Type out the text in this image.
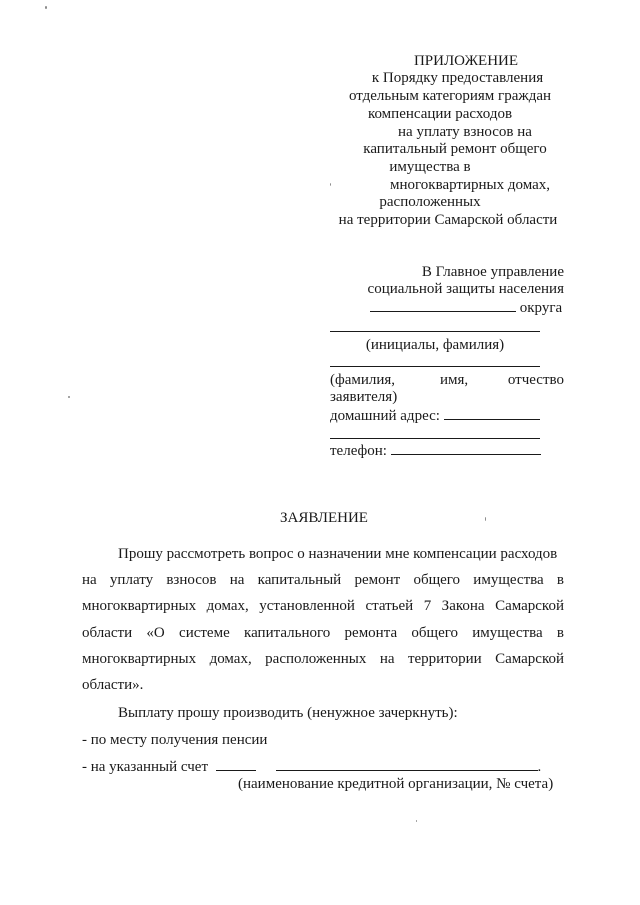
ПРИЛОЖЕНИЕ
к Порядку предоставления
отдельным категориям граждан
компенсации расходов
на уплату взносов на
капитальный ремонт общего
имущества в
многоквартирных домах,
расположенных
на территории Самарской области
В Главное управление
социальной защиты населения
округа
(инициалы, фамилия)
(фамилия,	имя,	отчество
заявителя)
домашний адрес:
телефон:
ЗАЯВЛЕНИЕ
Прошу рассмотреть вопрос о назначении мне компенсации расходов
на уплату взносов на капитальный ремонт общего имущества в
многоквартирных домах, установленной статьей 7 Закона Самарской
области «О системе капитального ремонта общего имущества в
многоквартирных домах, расположенных на территории Самарской
области».
Выплату прошу производить (ненужное зачеркнуть):
- по месту получения пенсии
- на указанный счет	.
(наименование кредитной организации, № счета)
